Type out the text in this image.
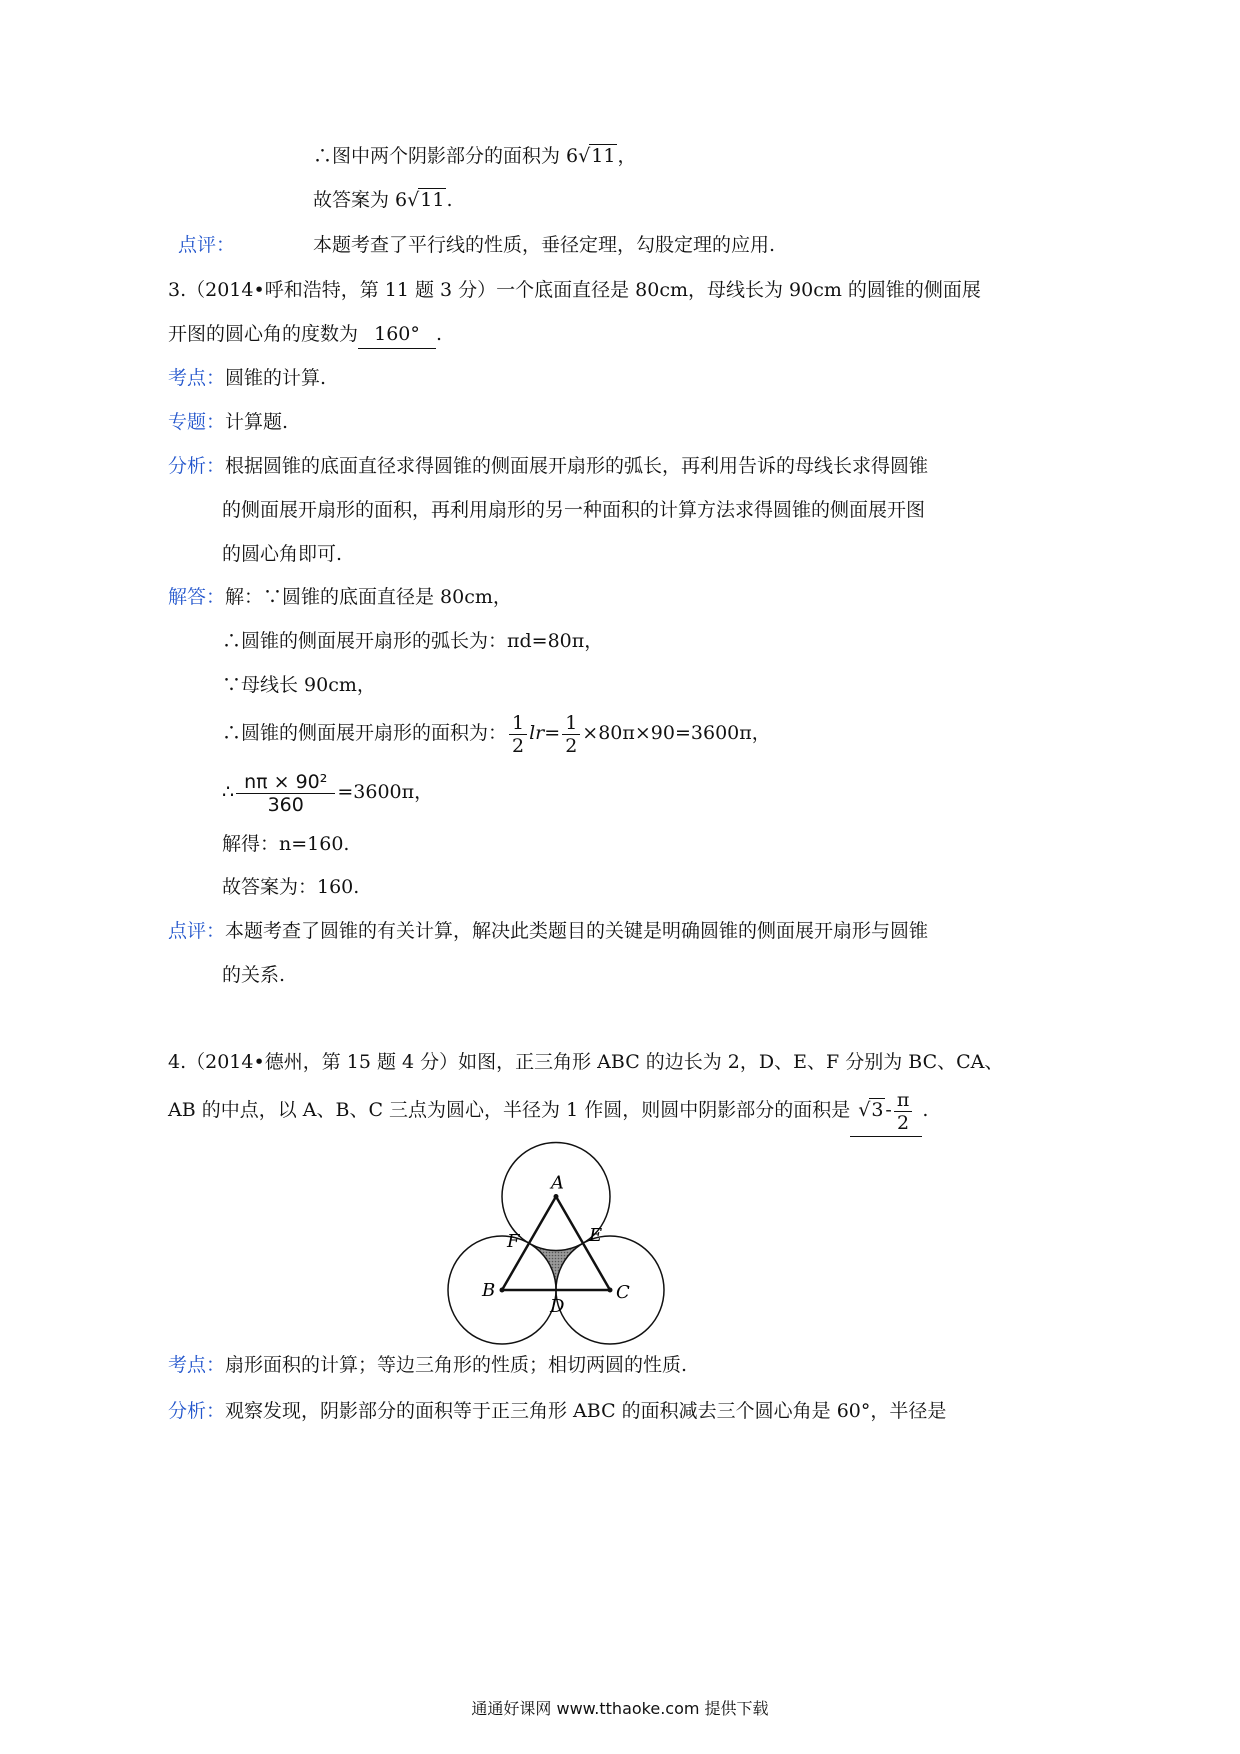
∴图中两个阴影部分的面积为 6√11 ，
故答案为 6√11 .
点评：	本题考查了平行线的性质，垂径定理，勾股定理的应用.
3.（2014•呼和浩特，第 11 题 3 分）一个底面直径是 80cm，母线长为 90cm 的圆锥的侧面展
开图的圆心角的度数为 160° .
考点：圆锥的计算.
专题：计算题.
分析：根据圆锥的底面直径求得圆锥的侧面展开扇形的弧长，再利用告诉的母线长求得圆锥
的侧面展开扇形的面积，再利用扇形的另一种面积的计算方法求得圆锥的侧面展开图
的圆心角即可.
解答：解：∵圆锥的底面直径是 80cm，
∴圆锥的侧面展开扇形的弧长为：πd=80π，
∵母线长 90cm，
∴圆锥的侧面展开扇形的面积为： $\frac{1}{2} lr= \frac{1}{2} \times 80\pi\times 90=3600\pi$，
∴ $\frac{\text{nπ × 90²}}{360} =3600\pi$，
解得：n=160.
故答案为：160.
点评：本题考查了圆锥的有关计算，解决此类题目的关键是明确圆锥的侧面展开扇形与圆锥
的关系.
4.（2014•德州，第 15 题 4 分）如图，正三角形 ABC 的边长为 2，D、E、F 分别为 BC、CA、
AB 的中点，以 A、B、C 三点为圆心，半径为 1 作圆，则圆中阴影部分的面积是 $√3 - \frac{\pi}{2}$ .
A
B	C
D
E
F
考点：扇形面积的计算；等边三角形的性质；相切两圆的性质.
分析：观察发现，阴影部分的面积等于正三角形 ABC 的面积减去三个圆心角是 60°，半径是
通通好课网 www.tthaoke.com 提供下载
